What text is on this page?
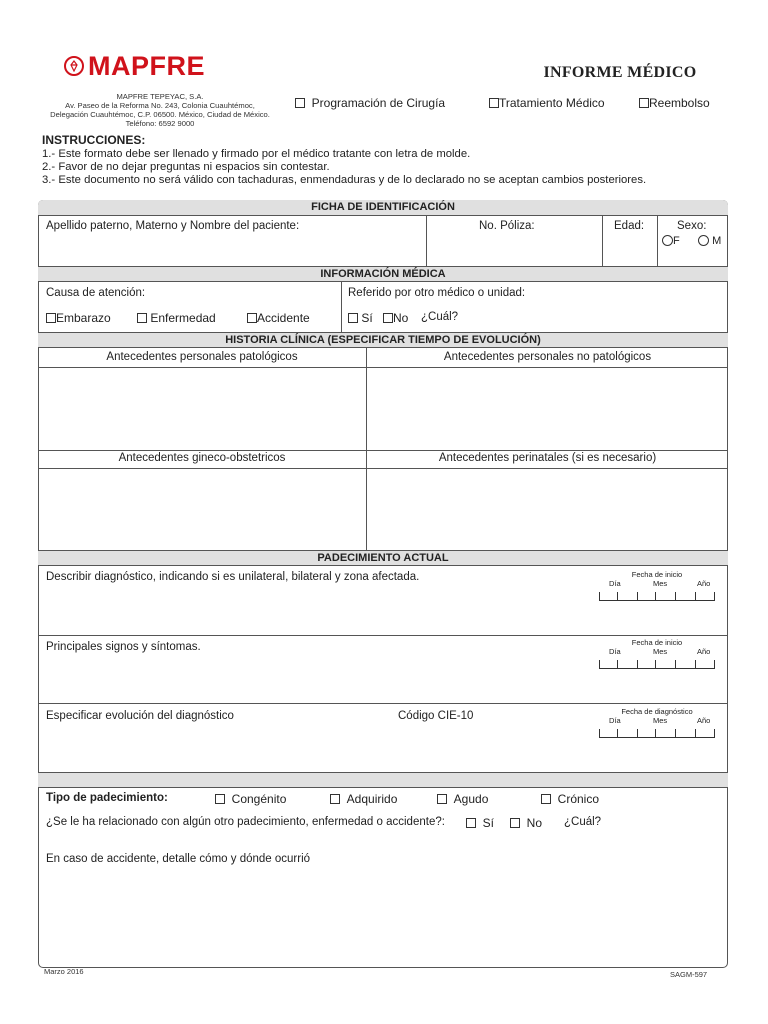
MAPFRE
MAPFRE TEPEYAC, S.A.
Av. Paseo de la Reforma No. 243, Colonia Cuauhtémoc,
Delegación Cuauhtémoc, C.P. 06500. México, Ciudad de México.
Teléfono: 6592 9000
INFORME MÉDICO
Programación de Cirugía	Tratamiento Médico	Reembolso
INSTRUCCIONES:
1.- Este formato debe ser llenado y firmado por el médico tratante con letra de molde.
2.- Favor de no dejar preguntas ni espacios sin contestar.
3.- Este documento no será válido con tachaduras, enmendaduras y de lo declarado no se aceptan cambios posteriores.
FICHA DE IDENTIFICACIÓN
Apellido paterno, Materno y Nombre del paciente:	No. Póliza:	Edad:	Sexo:
F	M
INFORMACIÓN MÉDICA
Causa de atención:	Referido por otro médico o unidad:
Embarazo	Enfermedad	Accidente	Sí	No ¿Cuál?
HISTORIA CLÍNICA (ESPECIFICAR TIEMPO DE EVOLUCIÓN)
Antecedentes personales patológicos	Antecedentes personales no patológicos
Antecedentes gineco-obstetricos	Antecedentes perinatales (si es necesario)
PADECIMIENTO ACTUAL
Describir diagnóstico, indicando si es unilateral, bilateral y zona afectada.	Fecha de inicio
Día	Mes	Año
Principales signos y síntomas.	Fecha de inicio
Día	Mes	Año
Especificar evolución del diagnóstico	Código CIE-10	Fecha de diagnóstico
Día	Mes	Año
Tipo de padecimiento:	Congénito	Adquirido	Agudo	Crónico
¿Se le ha relacionado con algún otro padecimiento, enfermedad o accidente?:	Sí	No ¿Cuál?
En caso de accidente, detalle cómo y dónde ocurrió
Marzo 2016	SAGM-597
